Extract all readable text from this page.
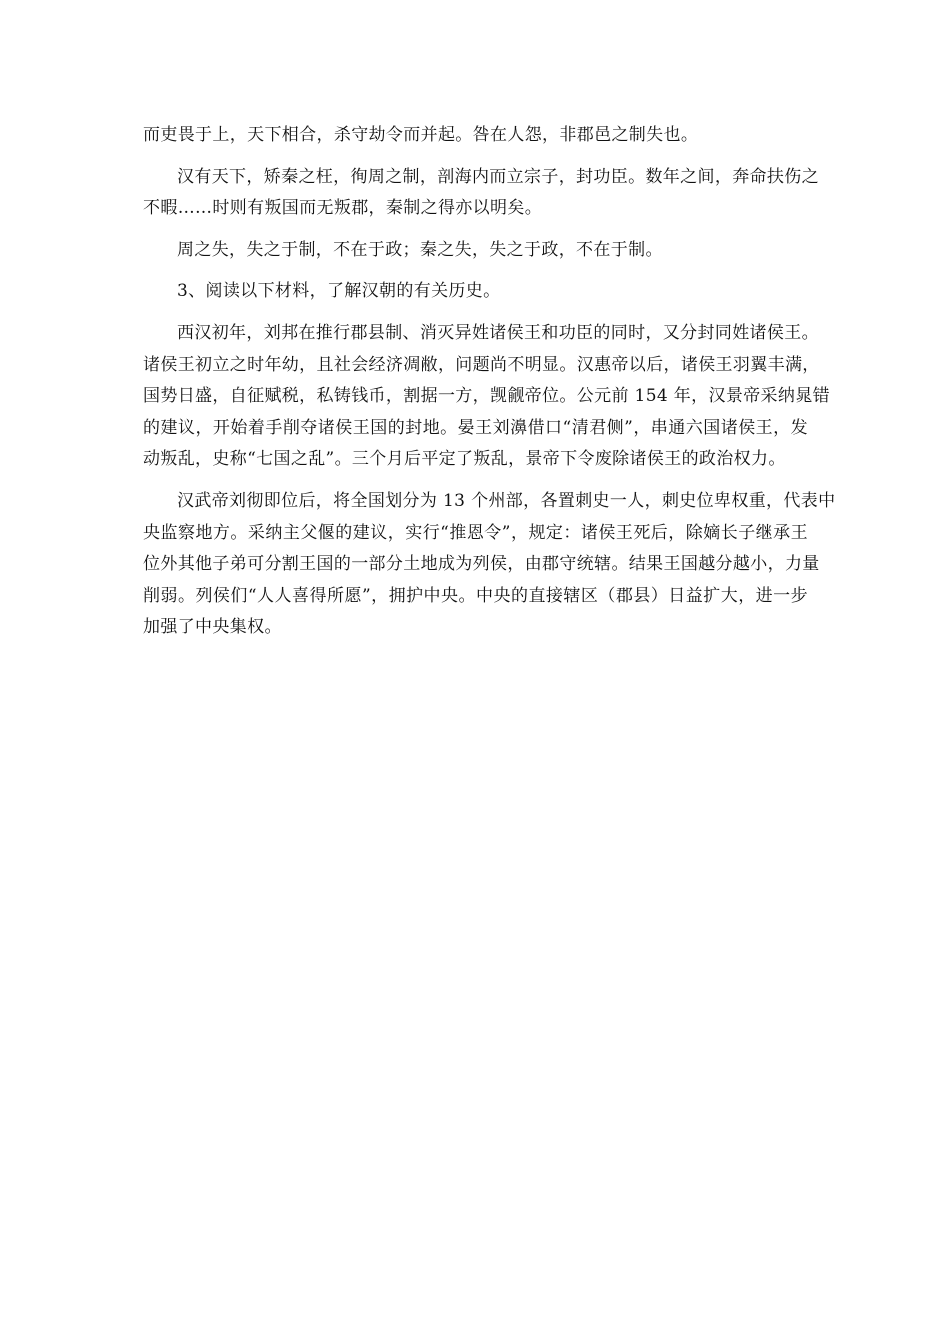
而吏畏于上，天下相合，杀守劫令而并起。咎在人怨，非郡邑之制失也。

汉有天下，矫秦之枉，徇周之制，剖海内而立宗子，封功臣。数年之间，奔命扶伤之
不暇……时则有叛国而无叛郡，秦制之得亦以明矣。

周之失，失之于制，不在于政；秦之失，失之于政，不在于制。

3、阅读以下材料，了解汉朝的有关历史。

西汉初年，刘邦在推行郡县制、消灭异姓诸侯王和功臣的同时，又分封同姓诸侯王。
诸侯王初立之时年幼，且社会经济凋敝，问题尚不明显。汉惠帝以后，诸侯王羽翼丰满，
国势日盛，自征赋税，私铸钱币，割据一方，觊觎帝位。公元前 154 年，汉景帝采纳晁错
的建议，开始着手削夺诸侯王国的封地。晏王刘濞借口“清君侧”，串通六国诸侯王，发
动叛乱，史称“七国之乱”。三个月后平定了叛乱，景帝下令废除诸侯王的政治权力。

汉武帝刘彻即位后，将全国划分为 13 个州部，各置刺史一人，刺史位卑权重，代表中
央监察地方。采纳主父偃的建议，实行“推恩令”，规定：诸侯王死后，除嫡长子继承王
位外其他子弟可分割王国的一部分土地成为列侯，由郡守统辖。结果王国越分越小，力量
削弱。列侯们“人人喜得所愿”，拥护中央。中央的直接辖区（郡县）日益扩大，进一步
加强了中央集权。
